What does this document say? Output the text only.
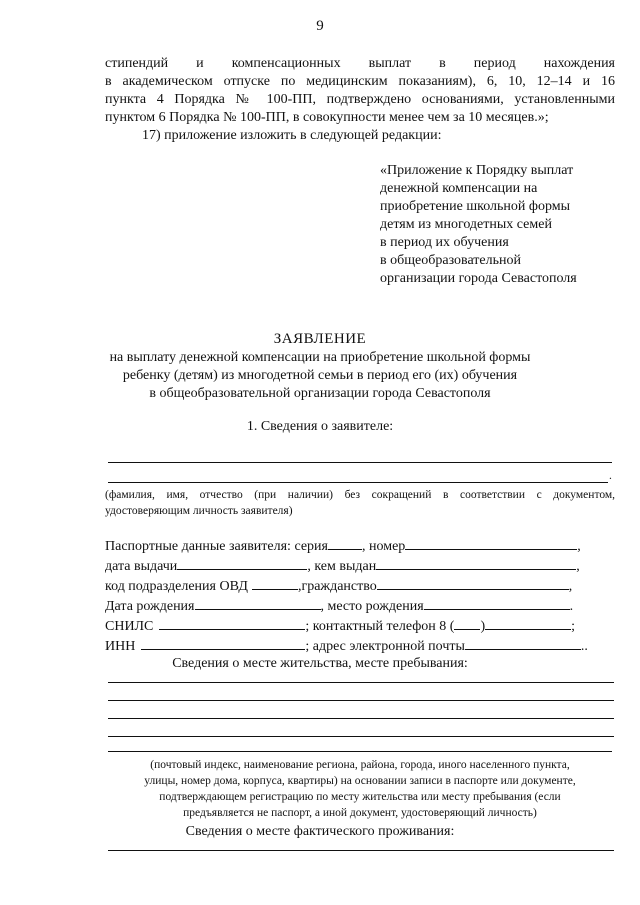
9
стипендий и компенсационных выплат в период нахождения
в академическом отпуске по медицинским показаниям), 6, 10, 12–14 и 16
пункта 4 Порядка № 100-ПП, подтверждено основаниями, установленными
пунктом 6 Порядка № 100-ПП, в совокупности менее чем за 10 месяцев.»;
17) приложение изложить в следующей редакции:
«Приложение к Порядку выплат
денежной компенсации на
приобретение школьной формы
детям из многодетных семей
в период их обучения
в общеобразовательной
организации города Севастополя
ЗАЯВЛЕНИЕ
на выплату денежной компенсации на приобретение школьной формы
ребенку (детям) из многодетной семьи в период его (их) обучения
в общеобразовательной организации города Севастополя
1. Сведения о заявителе:
.
(фамилия, имя, отчество (при наличии) без сокращений в соответствии с документом,
удостоверяющим личность заявителя)
Паспортные данные заявителя: серия , номер	,
дата выдачи	, кем выдан	,
код подразделения ОВД	,гражданство	,
Дата рождения	, место рождения	.
СНИЛС	; контактный телефон 8 ( )	;
ИНН	; адрес электронной почты	..
Сведения о месте жительства, месте пребывания:
(почтовый индекс, наименование региона, района, города, иного населенного пункта,
улицы, номер дома, корпуса, квартиры) на основании записи в паспорте или документе,
подтверждающем регистрацию по месту жительства или месту пребывания (если
предъявляется не паспорт, а иной документ, удостоверяющий личность)
Сведения о месте фактического проживания:
